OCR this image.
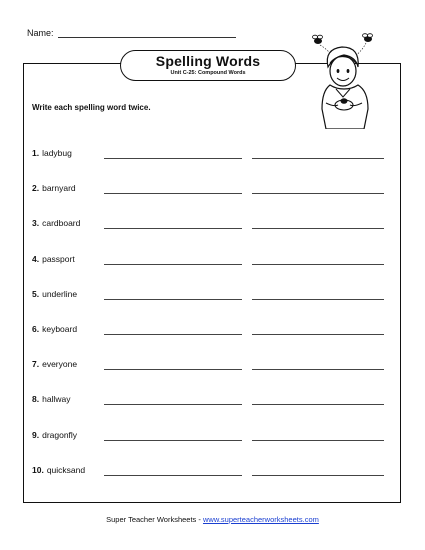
Name:
Spelling Words
Unit C-25: Compound Words
Write each spelling word twice.
1. ladybug
2. barnyard
3. cardboard
4. passport
5. underline
6. keyboard
7. everyone
8. hallway
9. dragonfly
10. quicksand
Super Teacher Worksheets - www.superteacherworksheets.com
